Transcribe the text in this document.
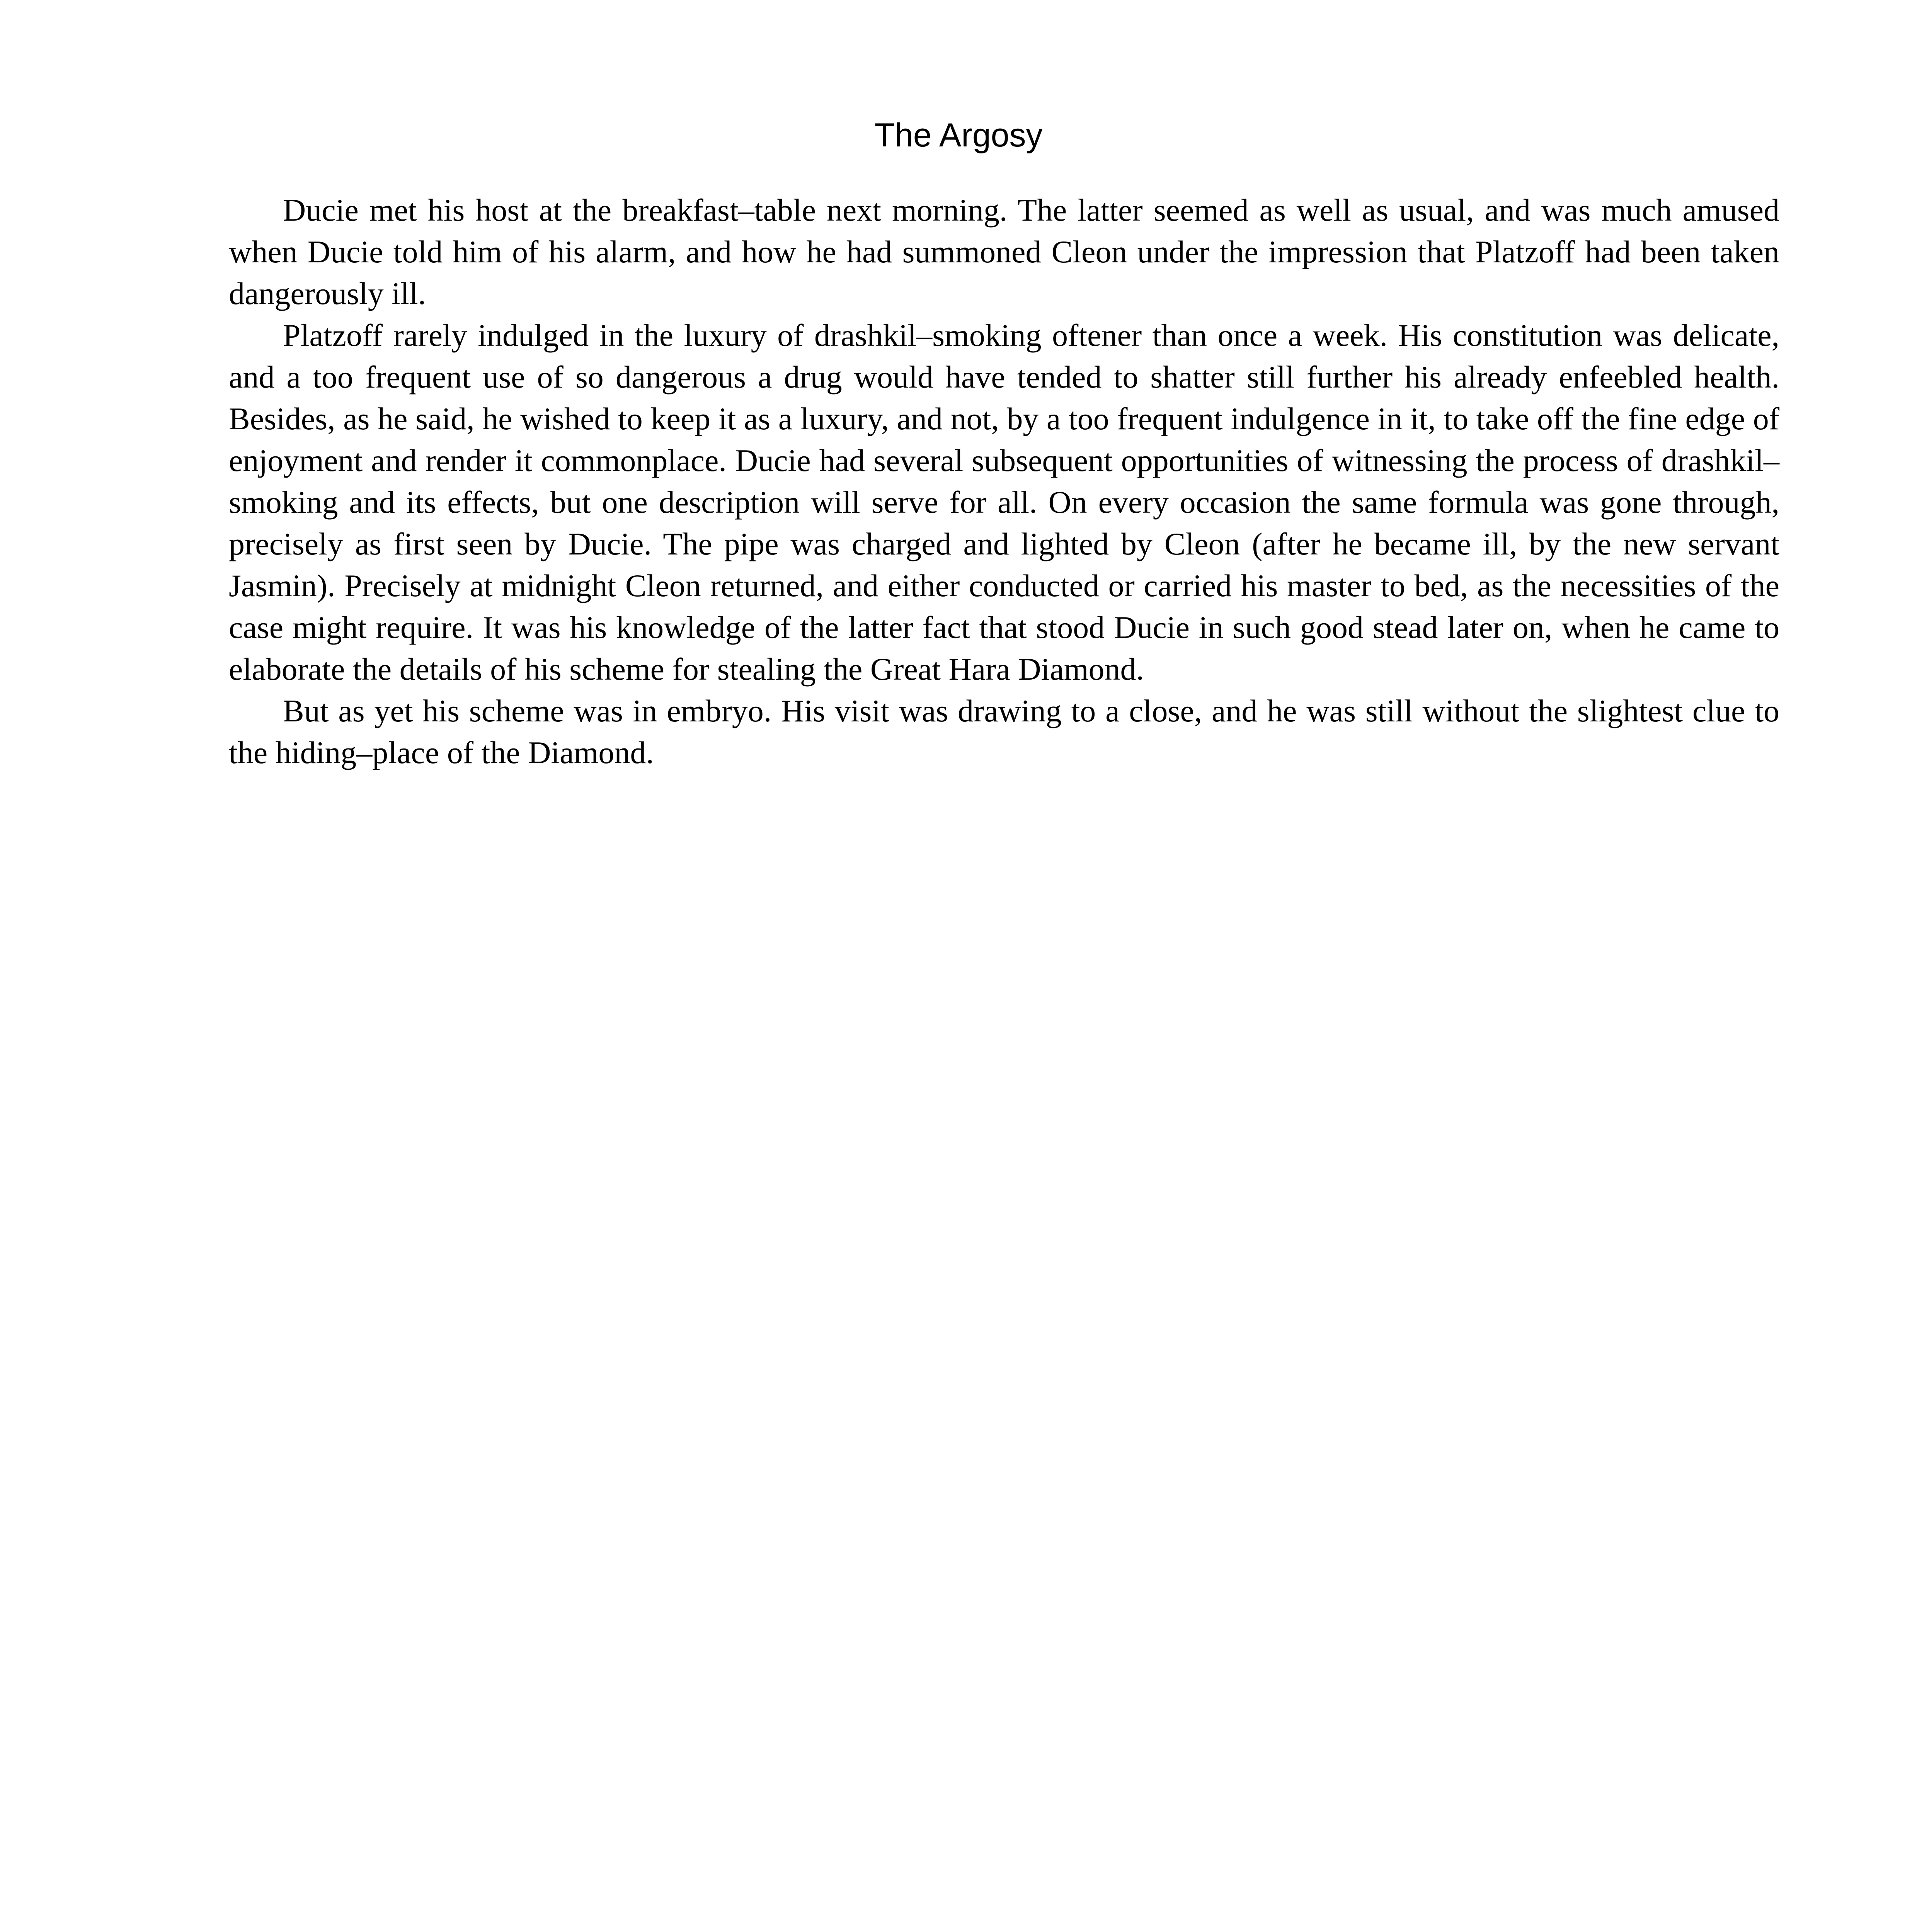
The Argosy

Ducie met his host at the breakfast–table next morning. The latter seemed as well as usual, and was much amused when Ducie told him of his alarm, and how he had summoned Cleon under the impression that Platzoff had been taken dangerously ill.

Platzoff rarely indulged in the luxury of drashkil–smoking oftener than once a week. His constitution was delicate, and a too frequent use of so dangerous a drug would have tended to shatter still further his already enfeebled health. Besides, as he said, he wished to keep it as a luxury, and not, by a too frequent indulgence in it, to take off the fine edge of enjoyment and render it commonplace. Ducie had several subsequent opportunities of witnessing the process of drashkil–smoking and its effects, but one description will serve for all. On every occasion the same formula was gone through, precisely as first seen by Ducie. The pipe was charged and lighted by Cleon (after he became ill, by the new servant Jasmin). Precisely at midnight Cleon returned, and either conducted or carried his master to bed, as the necessities of the case might require. It was his knowledge of the latter fact that stood Ducie in such good stead later on, when he came to elaborate the details of his scheme for stealing the Great Hara Diamond.

But as yet his scheme was in embryo. His visit was drawing to a close, and he was still without the slightest clue to the hiding–place of the Diamond.
